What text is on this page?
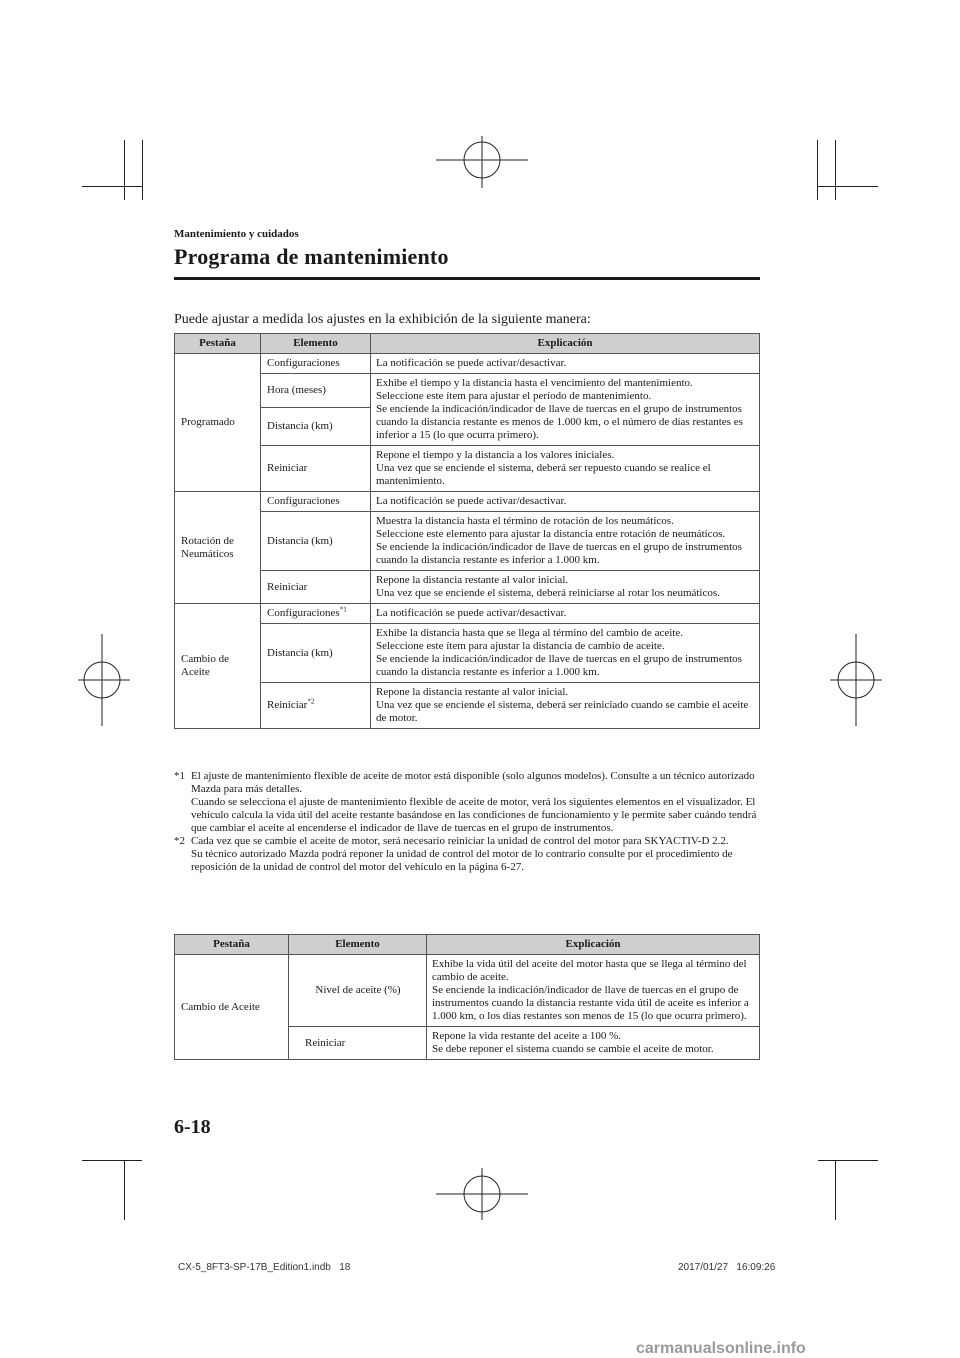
Mantenimiento y cuidados
Programa de mantenimiento
Puede ajustar a medida los ajustes en la exhibición de la siguiente manera:
Pestaña	Elemento	Explicación
Programado	Configuraciones	La notificación se puede activar/desactivar.
	Hora (meses)	Exhibe el tiempo y la distancia hasta el vencimiento del mantenimiento.
Seleccione este ítem para ajustar el período de mantenimiento.
Se enciende la indicación/indicador de llave de tuercas en el grupo de instrumentos cuando la distancia restante es menos de 1.000 km, o el número de días restantes es inferior a 15 (lo que ocurra primero).
	Distancia (km)	
	Reiniciar	Repone el tiempo y la distancia a los valores iniciales.
Una vez que se enciende el sistema, deberá ser repuesto cuando se realice el mantenimiento.
Rotación de
Neumáticos	Configuraciones	La notificación se puede activar/desactivar.
	Distancia (km)	Muestra la distancia hasta el término de rotación de los neumáticos.
Seleccione este elemento para ajustar la distancia entre rotación de neumáticos.
Se enciende la indicación/indicador de llave de tuercas en el grupo de instrumentos cuando la distancia restante es inferior a 1.000 km.
	Reiniciar	Repone la distancia restante al valor inicial.
Una vez que se enciende el sistema, deberá reiniciarse al rotar los neumáticos.
Cambio de
Aceite	Configuraciones$^{*1}$	La notificación se puede activar/desactivar.
	Distancia (km)	Exhibe la distancia hasta que se llega al término del cambio de aceite.
Seleccione este ítem para ajustar la distancia de cambio de aceite.
Se enciende la indicación/indicador de llave de tuercas en el grupo de instrumentos cuando la distancia restante es inferior a 1.000 km.
	Reiniciar$^{*2}$	Repone la distancia restante al valor inicial.
Una vez que se enciende el sistema, deberá ser reiniciado cuando se cambie el aceite de motor.
*1 El ajuste de mantenimiento flexible de aceite de motor está disponible (solo algunos modelos). Consulte a un técnico autorizado Mazda para más detalles.

Cuando se selecciona el ajuste de mantenimiento flexible de aceite de motor, verá los siguientes elementos en el visualizador. El vehículo calcula la vida útil del aceite restante basándose en las condiciones de funcionamiento y le permite saber cuándo tendrá que cambiar el aceite al encenderse el indicador de llave de tuercas en el grupo de instrumentos.

*2 Cada vez que se cambie el aceite de motor, será necesario reiniciar la unidad de control del motor para SKYACTIV-D 2.2.

Su técnico autorizado Mazda podrá reponer la unidad de control del motor de lo contrario consulte por el procedimiento de reposición de la unidad de control del motor del vehículo en la página 6-27.

Pestaña	Elemento	Explicación
Cambio de Aceite	Nivel de aceite (%)	Exhibe la vida útil del aceite del motor hasta que se llega al término del cambio de aceite.
Se enciende la indicación/indicador de llave de tuercas en el grupo de instrumentos cuando la distancia restante vida útil de aceite es inferior a 1.000 km, o los días restantes son menos de 15 (lo que ocurra primero).
	Reiniciar	Repone la vida restante del aceite a 100 %.
Se debe reponer el sistema cuando se cambie el aceite de motor.
6-18
CX-5_8FT3-SP-17B_Edition1.indb   18	2017/01/27   16:09:26
carmanualsonline.info
